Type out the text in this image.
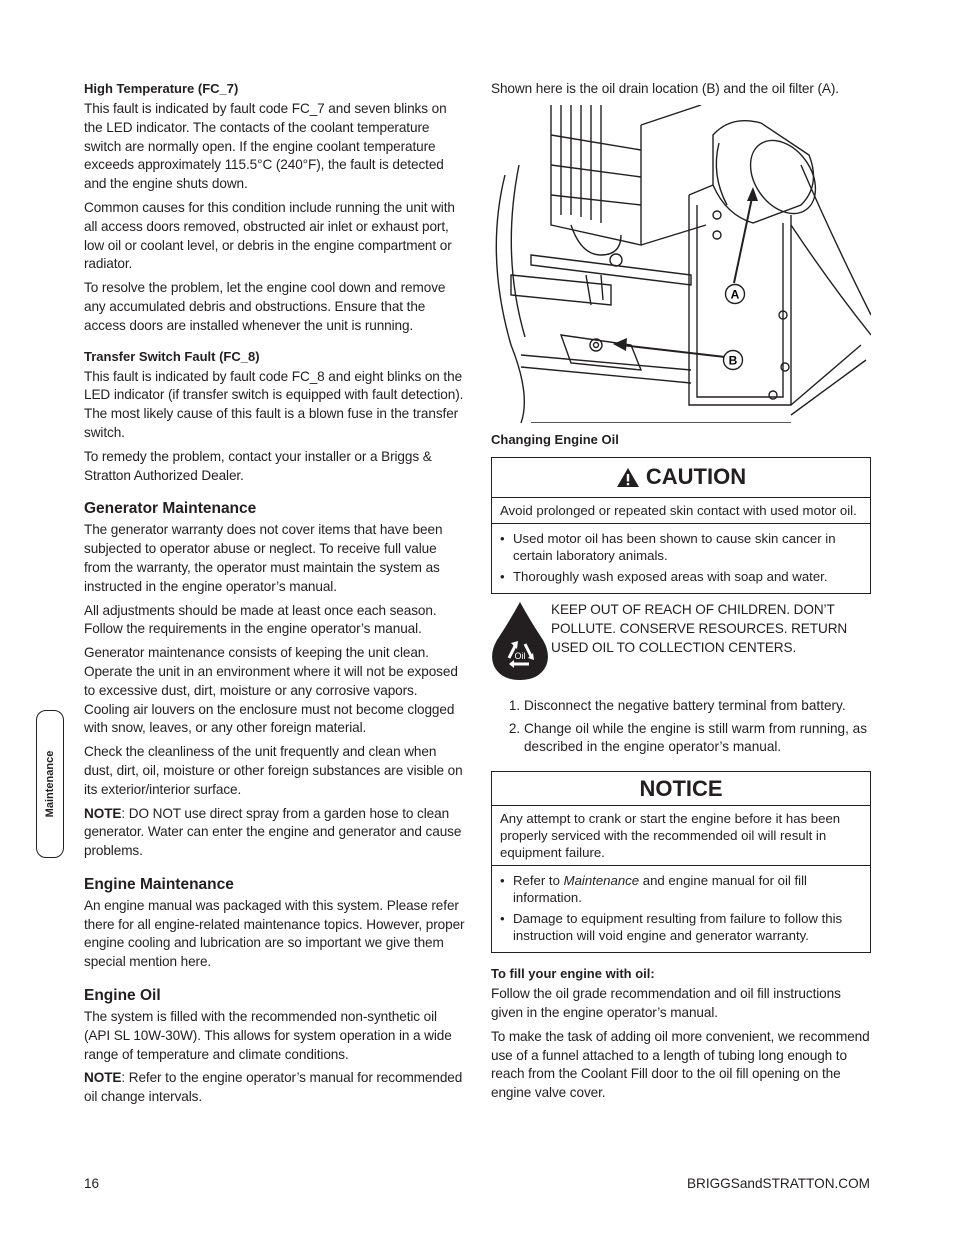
High Temperature (FC_7)

This fault is indicated by fault code FC_7 and seven blinks on the LED indicator. The contacts of the coolant temperature switch are normally open. If the engine coolant temperature exceeds approximately 115.5°C (240°F), the fault is detected and the engine shuts down.

Common causes for this condition include running the unit with all access doors removed, obstructed air inlet or exhaust port, low oil or coolant level, or debris in the engine compartment or radiator.

To resolve the problem, let the engine cool down and remove any accumulated debris and obstructions. Ensure that the access doors are installed whenever the unit is running.

Transfer Switch Fault (FC_8)

This fault is indicated by fault code FC_8 and eight blinks on the LED indicator (if transfer switch is equipped with fault detection). The most likely cause of this fault is a blown fuse in the transfer switch.

To remedy the problem, contact your installer or a Briggs & Stratton Authorized Dealer.

Generator Maintenance

The generator warranty does not cover items that have been subjected to operator abuse or neglect. To receive full value from the warranty, the operator must maintain the system as instructed in the engine operator’s manual.

All adjustments should be made at least once each season. Follow the requirements in the engine operator’s manual.

Generator maintenance consists of keeping the unit clean. Operate the unit in an environment where it will not be exposed to excessive dust, dirt, moisture or any corrosive vapors. Cooling air louvers on the enclosure must not become clogged with snow, leaves, or any other foreign material.

Check the cleanliness of the unit frequently and clean when dust, dirt, oil, moisture or other foreign substances are visible on its exterior/interior surface.

NOTE: DO NOT use direct spray from a garden hose to clean generator. Water can enter the engine and generator and cause problems.

Engine Maintenance

An engine manual was packaged with this system. Please refer there for all engine-related maintenance topics. However, proper engine cooling and lubrication are so important we give them special mention here.

Engine Oil

The system is filled with the recommended non-synthetic oil (API SL 10W-30W). This allows for system operation in a wide range of temperature and climate conditions.

NOTE: Refer to the engine operator’s manual for recommended oil change intervals.

Maintenance

Shown here is the oil drain location (B) and the oil filter (A).

A
B
Changing Engine Oil
CAUTION
Avoid prolonged or repeated skin contact with used motor oil.
• Used motor oil has been shown to cause skin cancer in certain laboratory animals.
• Thoroughly wash exposed areas with soap and water.
Oil

KEEP OUT OF REACH OF CHILDREN. DON’T POLLUTE. CONSERVE RESOURCES. RETURN USED OIL TO COLLECTION CENTERS.

1. Disconnect the negative battery terminal from battery.
2. Change oil while the engine is still warm from running, as described in the engine operator’s manual.
NOTICE
Any attempt to crank or start the engine before it has been properly serviced with the recommended oil will result in equipment failure.
• Refer to Maintenance and engine manual for oil fill information.
• Damage to equipment resulting from failure to follow this instruction will void engine and generator warranty.
To fill your engine with oil:

Follow the oil grade recommendation and oil fill instructions given in the engine operator’s manual.

To make the task of adding oil more convenient, we recommend use of a funnel attached to a length of tubing long enough to reach from the Coolant Fill door to the oil fill opening on the engine valve cover.

16	BRIGGSandSTRATTON.COM
